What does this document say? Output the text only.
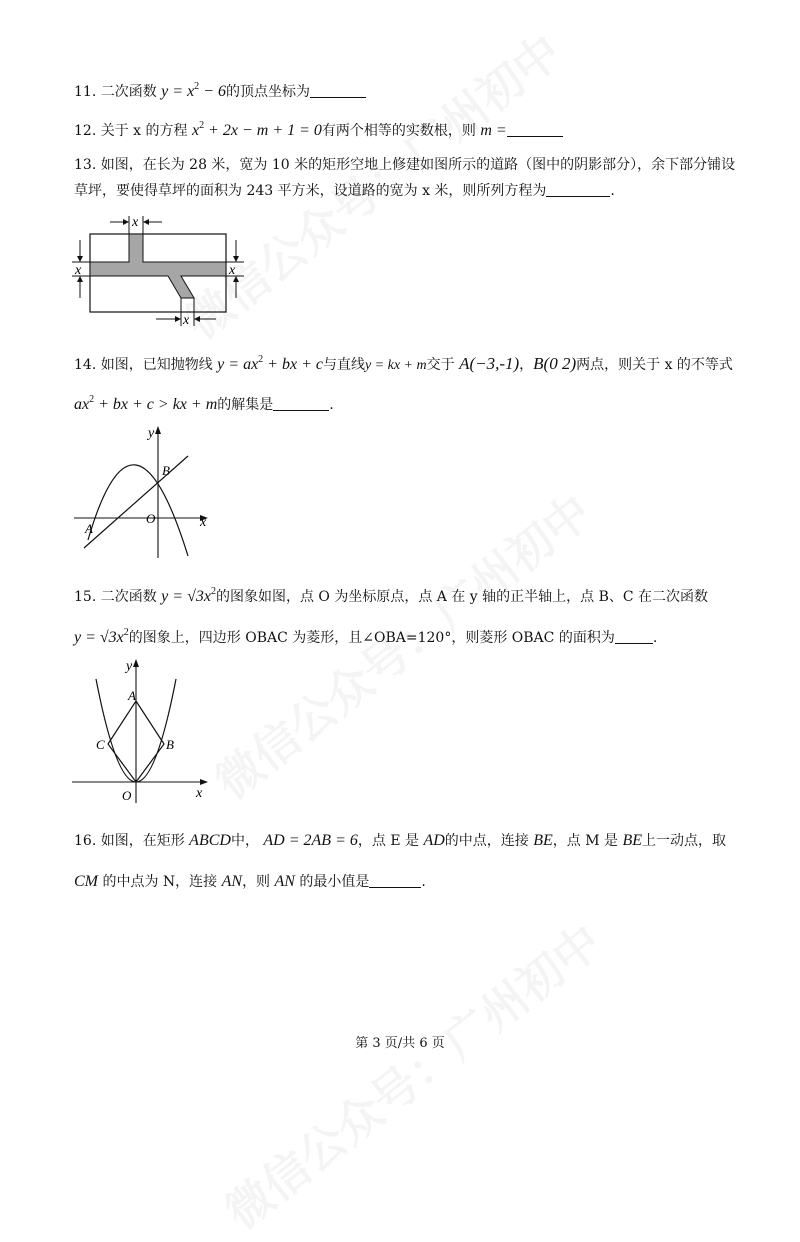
11. 二次函数 $y = x^2 - 6$的顶点坐标为
12. 关于 x 的方程 $x^2 + 2x - m + 1 = 0$有两个相等的实数根，则 m =
13. 如图，在长为 28 米，宽为 10 米的矩形空地上修建如图所示的道路（图中的阴影部分），余下部分铺设
草坪，要使得草坪的面积为 243 平方米，设道路的宽为 x 米，则所列方程为	.
x
x	x
x
14. 如图，已知抛物线 $y = ax^2$ + bx + c与直线y = kx + m交于 A(−3,-1)，B(0 2)两点，则关于 x 的不等式
$ax^2$ + bx + c > kx + m的解集是	.
y
x
O
A
B
15. 二次函数 $y = √3x^2$的图象如图，点 O 为坐标原点，点 A 在 y 轴的正半轴上，点 B、C 在二次函数
$y = √3x^2$的图象上，四边形 OBAC 为菱形，且∠OBA=120°，则菱形 OBAC 的面积为	.
y
x
O
A
B
C
16. 如图，在矩形 ABCD中， AD = 2AB = 6，点 E 是 AD的中点，连接 BE，点 M 是 BE上一动点，取
CM 的中点为 N，连接 AN，则 AN 的最小值是	.
第 3 页/共 6 页
